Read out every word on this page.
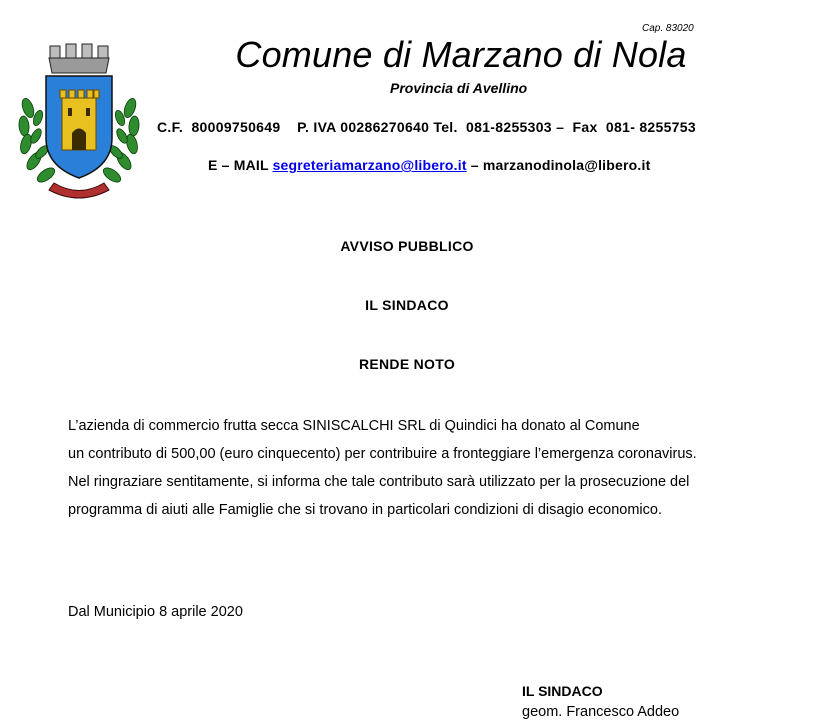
Cap. 83020
Comune di Marzano di Nola
Provincia di Avellino
C.F.  80009750649    P. IVA 00286270640 Tel.  081-8255303 –  Fax  081- 8255753
E – MAIL segreteriamarzano@libero.it – marzanodinola@libero.it
AVVISO PUBBLICO
IL SINDACO
RENDE NOTO
L’azienda di commercio frutta secca SINISCALCHI SRL di Quindici ha donato al Comune
un contributo di 500,00 (euro cinquecento) per contribuire a fronteggiare l’emergenza coronavirus.
Nel ringraziare sentitamente, si informa che tale contributo sarà utilizzato per la prosecuzione del
programma di aiuti alle Famiglie che si trovano in particolari condizioni di disagio economico.
Dal Municipio 8 aprile 2020
IL SINDACO
geom. Francesco Addeo
